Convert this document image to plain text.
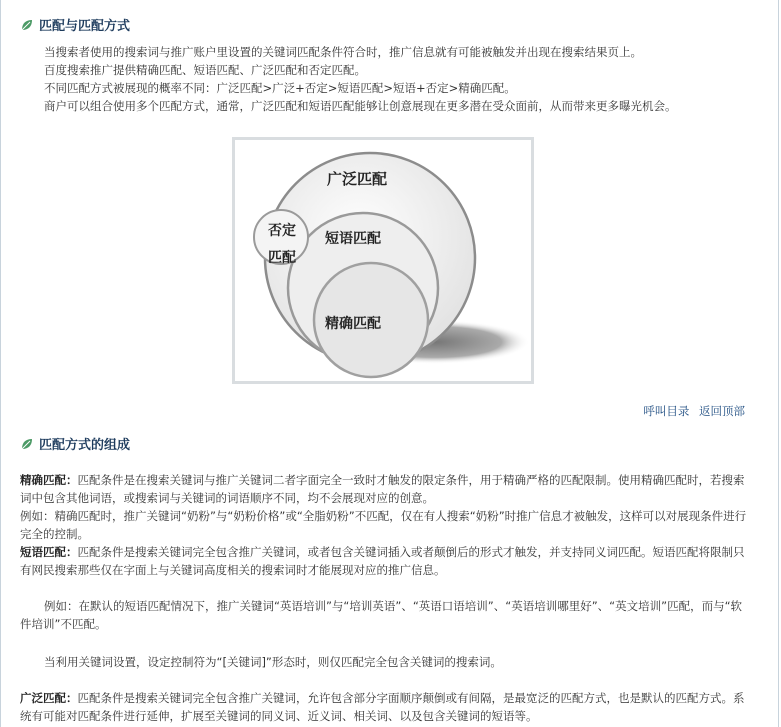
匹配与匹配方式
当搜索者使用的搜索词与推广账户里设置的关键词匹配条件符合时，推广信息就有可能被触发并出现在搜索结果页上。
百度搜索推广提供精确匹配、短语匹配、广泛匹配和否定匹配。
不同匹配方式被展现的概率不同：广泛匹配>广泛+否定>短语匹配>短语+否定>精确匹配。
商户可以组合使用多个匹配方式，通常，广泛匹配和短语匹配能够让创意展现在更多潜在受众面前，从而带来更多曝光机会。
广泛匹配
短语匹配
精确匹配
否定
匹配
呼叫目录 返回顶部
匹配方式的组成
精确匹配：匹配条件是在搜索关键词与推广关键词二者字面完全一致时才触发的限定条件，用于精确严格的匹配限制。使用精确匹配时，若搜索词中包含其他词语，或搜索词与关键词的词语顺序不同，均不会展现对应的创意。
例如：精确匹配时，推广关键词“奶粉”与“奶粉价格”或“全脂奶粉”不匹配，仅在有人搜索“奶粉”时推广信息才被触发，这样可以对展现条件进行完全的控制。
短语匹配：匹配条件是搜索关键词完全包含推广关键词，或者包含关键词插入或者颠倒后的形式才触发，并支持同义词匹配。短语匹配将限制只有网民搜索那些仅在字面上与关键词高度相关的搜索词时才能展现对应的推广信息。
例如：在默认的短语匹配情况下，推广关键词“英语培训”与“培训英语”、“英语口语培训”、“英语培训哪里好”、“英文培训”匹配，而与“软件培训”不匹配。
当利用关键词设置，设定控制符为“[关键词]”形态时，则仅匹配完全包含关键词的搜索词。
广泛匹配：匹配条件是搜索关键词完全包含推广关键词，允许包含部分字面顺序颠倒或有间隔，是最宽泛的匹配方式，也是默认的匹配方式。系统有可能对匹配条件进行延伸，扩展至关键词的同义词、近义词、相关词、以及包含关键词的短语等。
